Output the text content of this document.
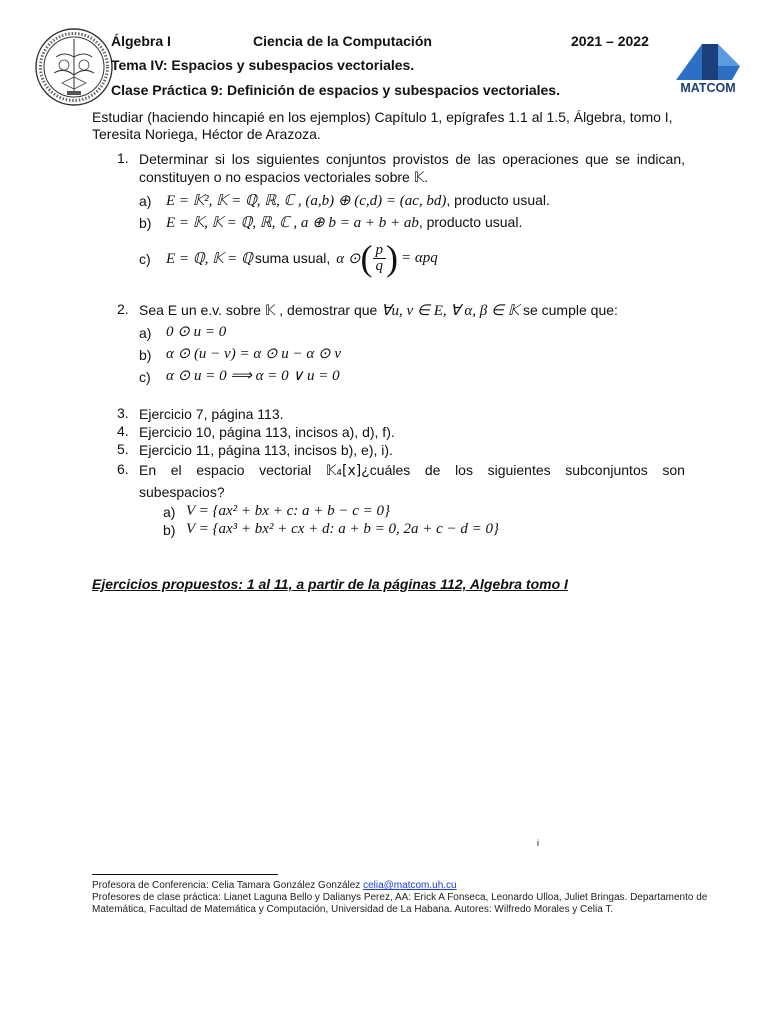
MATCOM
Álgebra I	Ciencia de la Computación	2021 – 2022
Tema IV: Espacios y subespacios vectoriales.
Clase Práctica 9: Definición de espacios y subespacios vectoriales.
Estudiar (haciendo hincapié en los ejemplos) Capítulo 1, epígrafes 1.1 al 1.5, Álgebra, tomo I,
Teresita Noriega, Héctor de Arazoza.
1. Determinar si los siguientes conjuntos provistos de las operaciones que se indican,
constituyen o no espacios vectoriales sobre 𝕂.
a) E = 𝕂², 𝕂 = ℚ, ℝ, ℂ , (a,b) ⊕ (c,d) = (ac, bd), producto usual.
b) E = 𝕂, 𝕂 = ℚ, ℝ, ℂ , a ⊕ b = a + b + ab, producto usual.
c) E = ℚ, 𝕂 = ℚ suma usual, α ⊙ ( $\frac{p}{q}$ ) = αpq
2. Sea E un e.v. sobre 𝕂 , demostrar que ∀u, v ∈ E, ∀ α, β ∈ 𝕂 se cumple que:
a) 0 ⊙ u = 0
b) α ⊙ (u − v) = α ⊙ u − α ⊙ v
c) α ⊙ u = 0 ⟹ α = 0 ∨ u = 0
3. Ejercicio 7, página 113.
4. Ejercicio 10, página 113, incisos a), d), f).
5. Ejercicio 11, página 113, incisos b), e), i).
6. En el espacio vectorial 𝕂₄[x]¿cuáles de los siguientes subconjuntos son
subespacios?
a) V = {ax² + bx + c: a + b − c = 0}
b) V = {ax³ + bx² + cx + d: a + b = 0, 2a + c − d = 0}
Ejercicios propuestos: 1 al 11, a partir de la páginas 112, Algebra tomo I
i
Profesora de Conferencia: Celia Tamara González González celia@matcom.uh.cu
Profesores de clase práctica: Lianet Laguna Bello y Dalianys Perez, AA: Erick A Fonseca, Leonardo Ulloa, Juliet Bringas. Departamento de
Matemática, Facultad de Matemática y Computación, Universidad de La Habana. Autores: Wilfredo Morales y Celia T.
